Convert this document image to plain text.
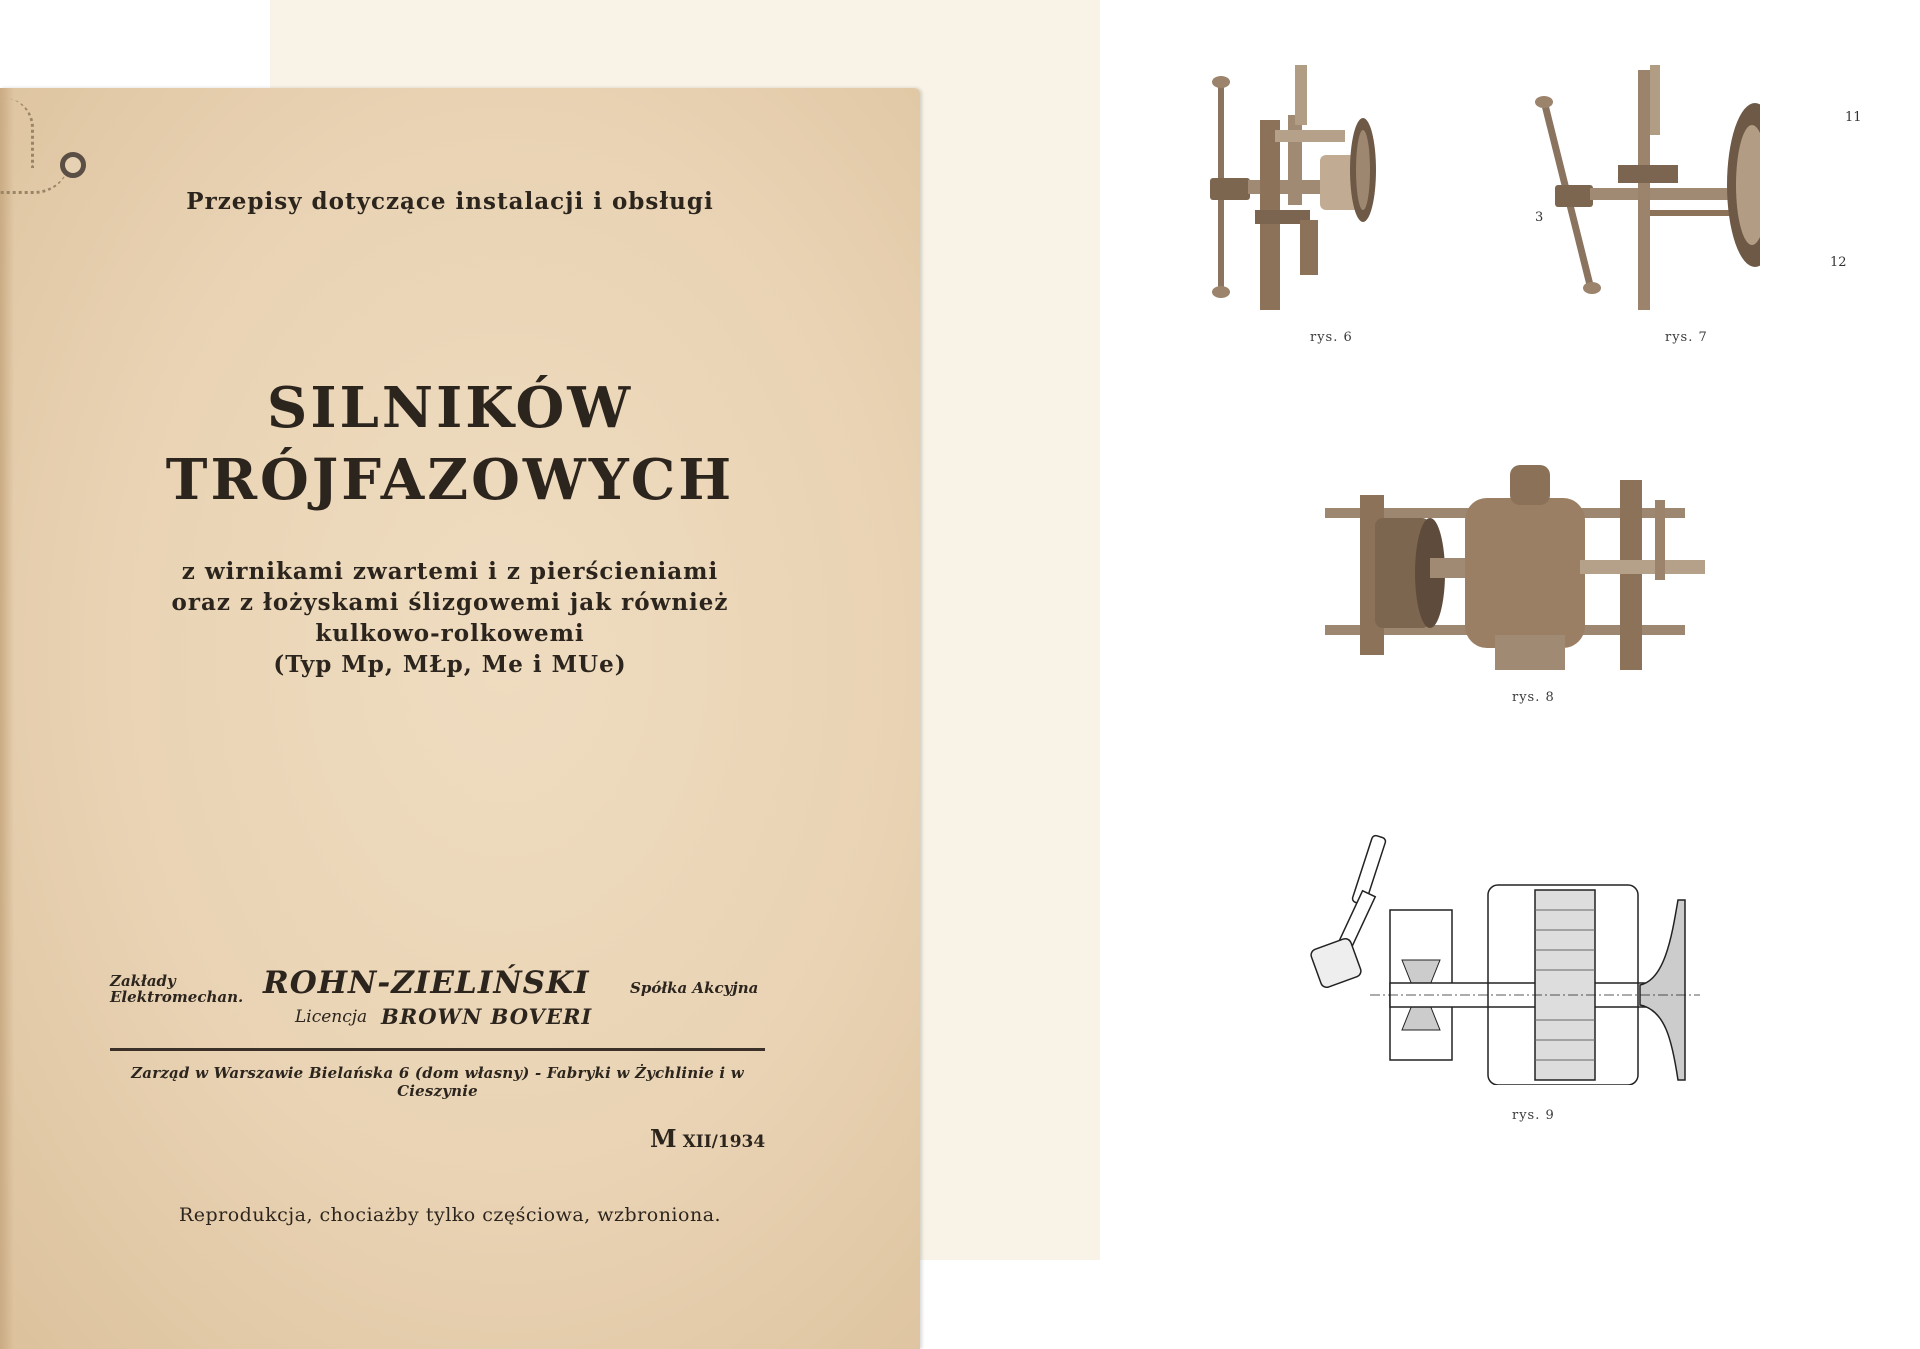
rys. 6
3
11
12
rys. 7
rys. 8
rys. 9
Przepisy dotyczące instalacji i obsługi
SILNIKÓW
TRÓJFAZOWYCH
z wirnikami zwartemi i z pierścieniami
oraz z łożyskami ślizgowemi jak również
kulkowo-rolkowemi
(Typ Mp, MŁp, Me i MUe)
Zakłady
Elektromechan. ROHN-ZIELIŃSKI	Spółka Akcyjna
Licencja BROWN BOVERI
Zarząd w Warszawie Bielańska 6 (dom własny) - Fabryki w Żychlinie i w Cieszynie
M XII/1934
Reprodukcja, chociażby tylko częściowa, wzbroniona.
